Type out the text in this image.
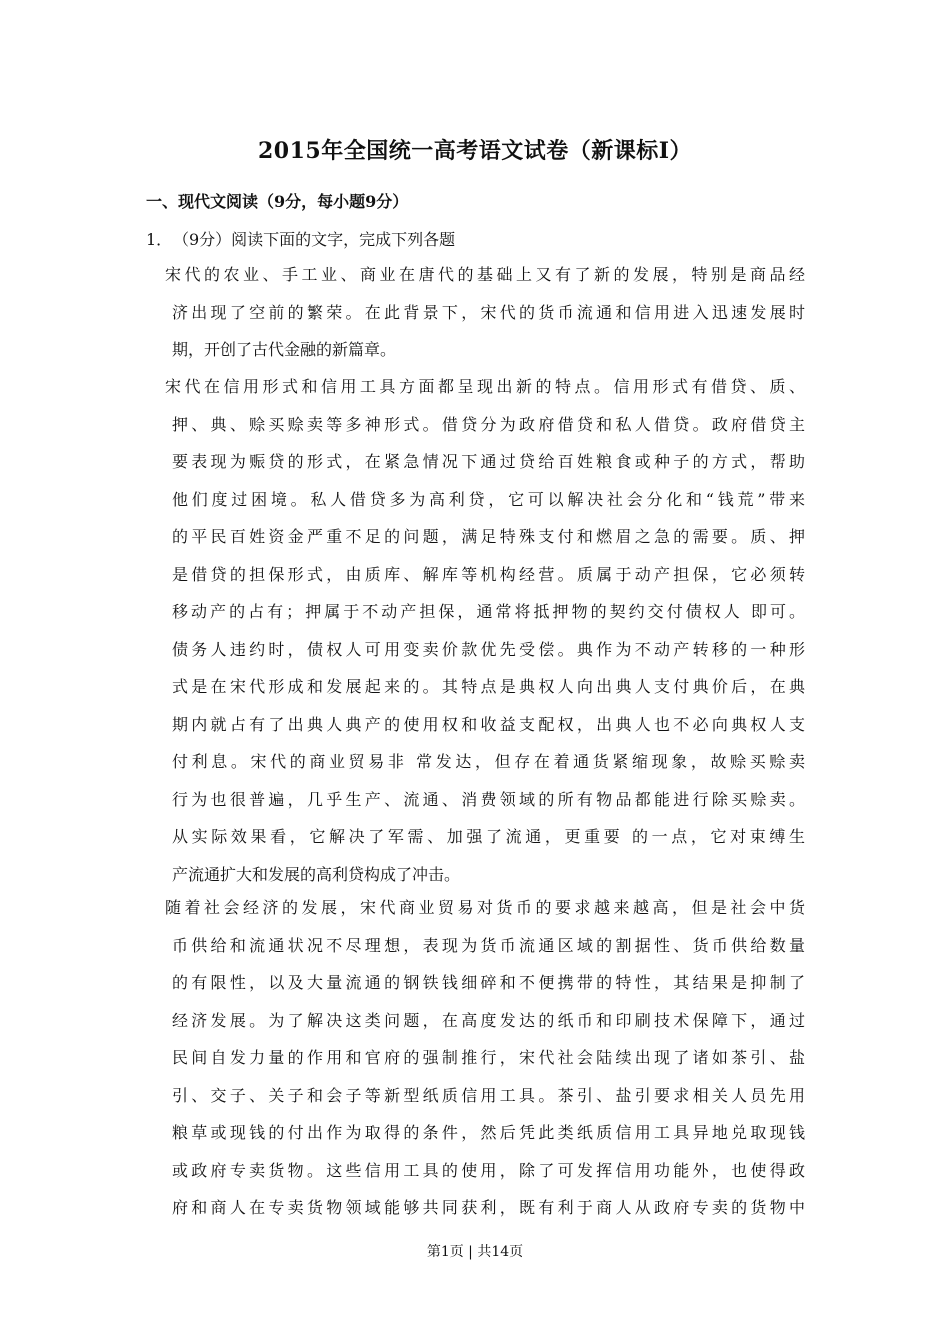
2015年全国统一高考语文试卷（新课标Ⅰ）
一、现代文阅读（9分，每小题9分）
1．（9分）阅读下面的文字，完成下列各题
宋代的农业、手工业、商业在唐代的基础上又有了新的发展，特别是商品经
济出现了空前的繁荣。在此背景下，宋代的货币流通和信用进入迅速发展时
期，开创了古代金融的新篇章。
宋代在信用形式和信用工具方面都呈现出新的特点。信用形式有借贷、质、
押、典、赊买赊卖等多神形式。借贷分为政府借贷和私人借贷。政府借贷主
要表现为赈贷的形式，在紧急情况下通过贷给百姓粮食或种子的方式，帮助
他们度过困境。私人借贷多为高利贷，它可以解决社会分化和“钱荒”带来
的平民百姓资金严重不足的问题，满足特殊支付和燃眉之急的需要。质、押
是借贷的担保形式，由质库、解库等机构经营。质属于动产担保，它必须转
移动产的占有；押属于不动产担保，通常将抵押物的契约交付债权人 即可。
债务人违约时，债权人可用变卖价款优先受偿。典作为不动产转移的一种形
式是在宋代形成和发展起来的。其特点是典权人向出典人支付典价后，在典
期内就占有了出典人典产的使用权和收益支配权，出典人也不必向典权人支
付利息。宋代的商业贸易非 常发达，但存在着通货紧缩现象，故赊买赊卖
行为也很普遍，几乎生产、流通、消费领域的所有物品都能进行除买赊卖。
从实际效果看，它解决了军需、加强了流通，更重要 的一点，它对束缚生
产流通扩大和发展的高利贷构成了冲击。
随着社会经济的发展，宋代商业贸易对货币的要求越来越高，但是社会中货
币供给和流通状况不尽理想，表现为货币流通区域的割据性、货币供给数量
的有限性，以及大量流通的钢铁钱细碎和不便携带的特性，其结果是抑制了
经济发展。为了解决这类问题，在高度发达的纸币和印刷技术保障下，通过
民间自发力量的作用和官府的强制推行，宋代社会陆续出现了诸如茶引、盐
引、交子、关子和会子等新型纸质信用工具。茶引、盐引要求相关人员先用
粮草或现钱的付出作为取得的条件，然后凭此类纸质信用工具异地兑取现钱
或政府专卖货物。这些信用工具的使用，除了可发挥信用功能外，也使得政
府和商人在专卖货物领域能够共同获利，既有利于商人从政府专卖的货物中
第1页 | 共14页
